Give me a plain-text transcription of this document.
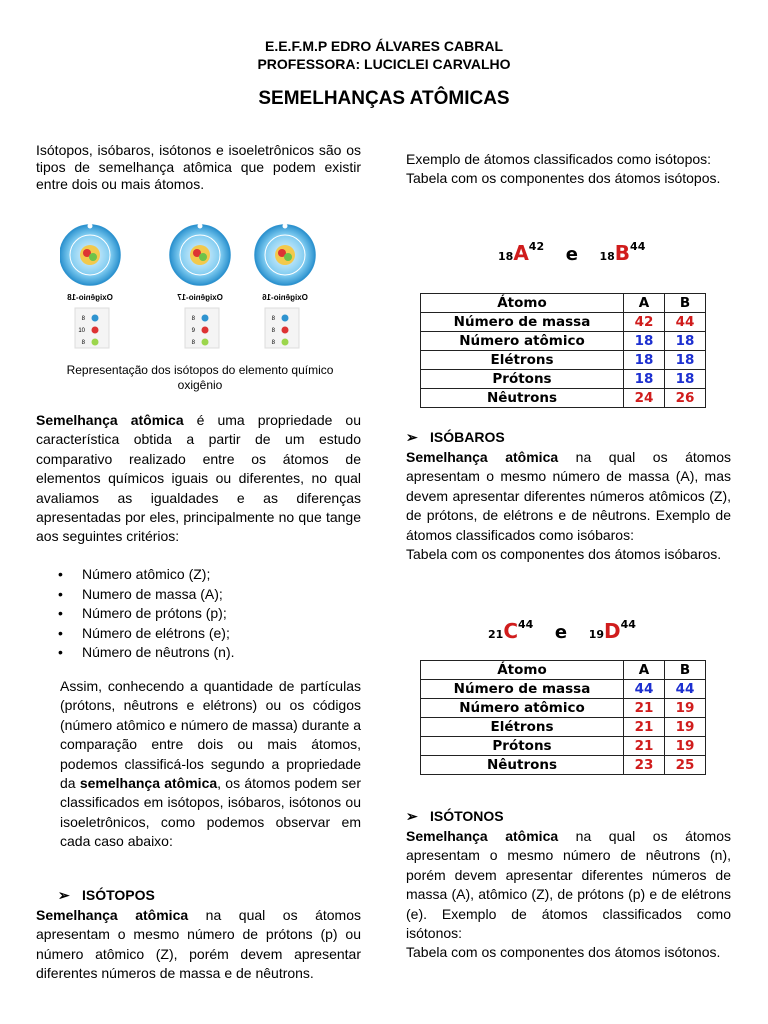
E.E.F.M.P EDRO ÁLVARES CABRAL
PROFESSORA: LUCICLEI CARVALHO
SEMELHANÇAS ATÔMICAS

Isótopos, isóbaros, isótonos e isoeletrônicos são os tipos de semelhança atômica que podem existir entre dois ou mais átomos.

Oxigênio-18	Oxigênio-17	Oxigênio-16
8
10
8
8
9
8
8
8
8
Representação dos isótopos do elemento químico oxigênio

Semelhança atômica é uma propriedade ou característica obtida a partir de um estudo comparativo realizado entre os átomos de elementos químicos iguais ou diferentes, no qual avaliamos as igualdades e as diferenças apresentadas por eles, principalmente no que tange aos seguintes critérios:

• Número atômico (Z);
• Numero de massa (A);
• Número de prótons (p);
• Número de elétrons (e);
• Número de nêutrons (n).

Assim, conhecendo a quantidade de partículas (prótons, nêutrons e elétrons) ou os códigos (número atômico e número de massa) durante a comparação entre dois ou mais átomos, podemos classificá-los segundo a propriedade da semelhança atômica, os átomos podem ser classificados em isótopos, isóbaros, isótonos ou isoeletrônicos, como podemos observar em cada caso abaixo:

➢ ISÓTOPOS

Semelhança atômica na qual os átomos apresentam o mesmo número de prótons (p) ou número atômico (Z), porém devem apresentar diferentes números de massa e de nêutrons.

Exemplo de átomos classificados como isótopos:

Tabela com os componentes dos átomos isótopos.

$18A^{42}$ e $18B^{44}$
Átomo	A	B
Número de massa	42	44
Número atômico	18	18
Elétrons	18	18
Prótons	18	18
Nêutrons	24	26
➢ ISÓBAROS

Semelhança atômica na qual os átomos apresentam o mesmo número de massa (A), mas devem apresentar diferentes números atômicos (Z), de prótons, de elétrons e de nêutrons. Exemplo de átomos classificados como isóbaros:

Tabela com os componentes dos átomos isóbaros.

$21C^{44}$ e $19D^{44}$
Átomo	A	B
Número de massa	44	44
Número atômico	21	19
Elétrons	21	19
Prótons	21	19
Nêutrons	23	25
➢ ISÓTONOS

Semelhança atômica na qual os átomos apresentam o mesmo número de nêutrons (n), porém devem apresentar diferentes números de massa (A), atômico (Z), de prótons (p) e de elétrons (e). Exemplo de átomos classificados como isótonos:

Tabela com os componentes dos átomos isótonos.
